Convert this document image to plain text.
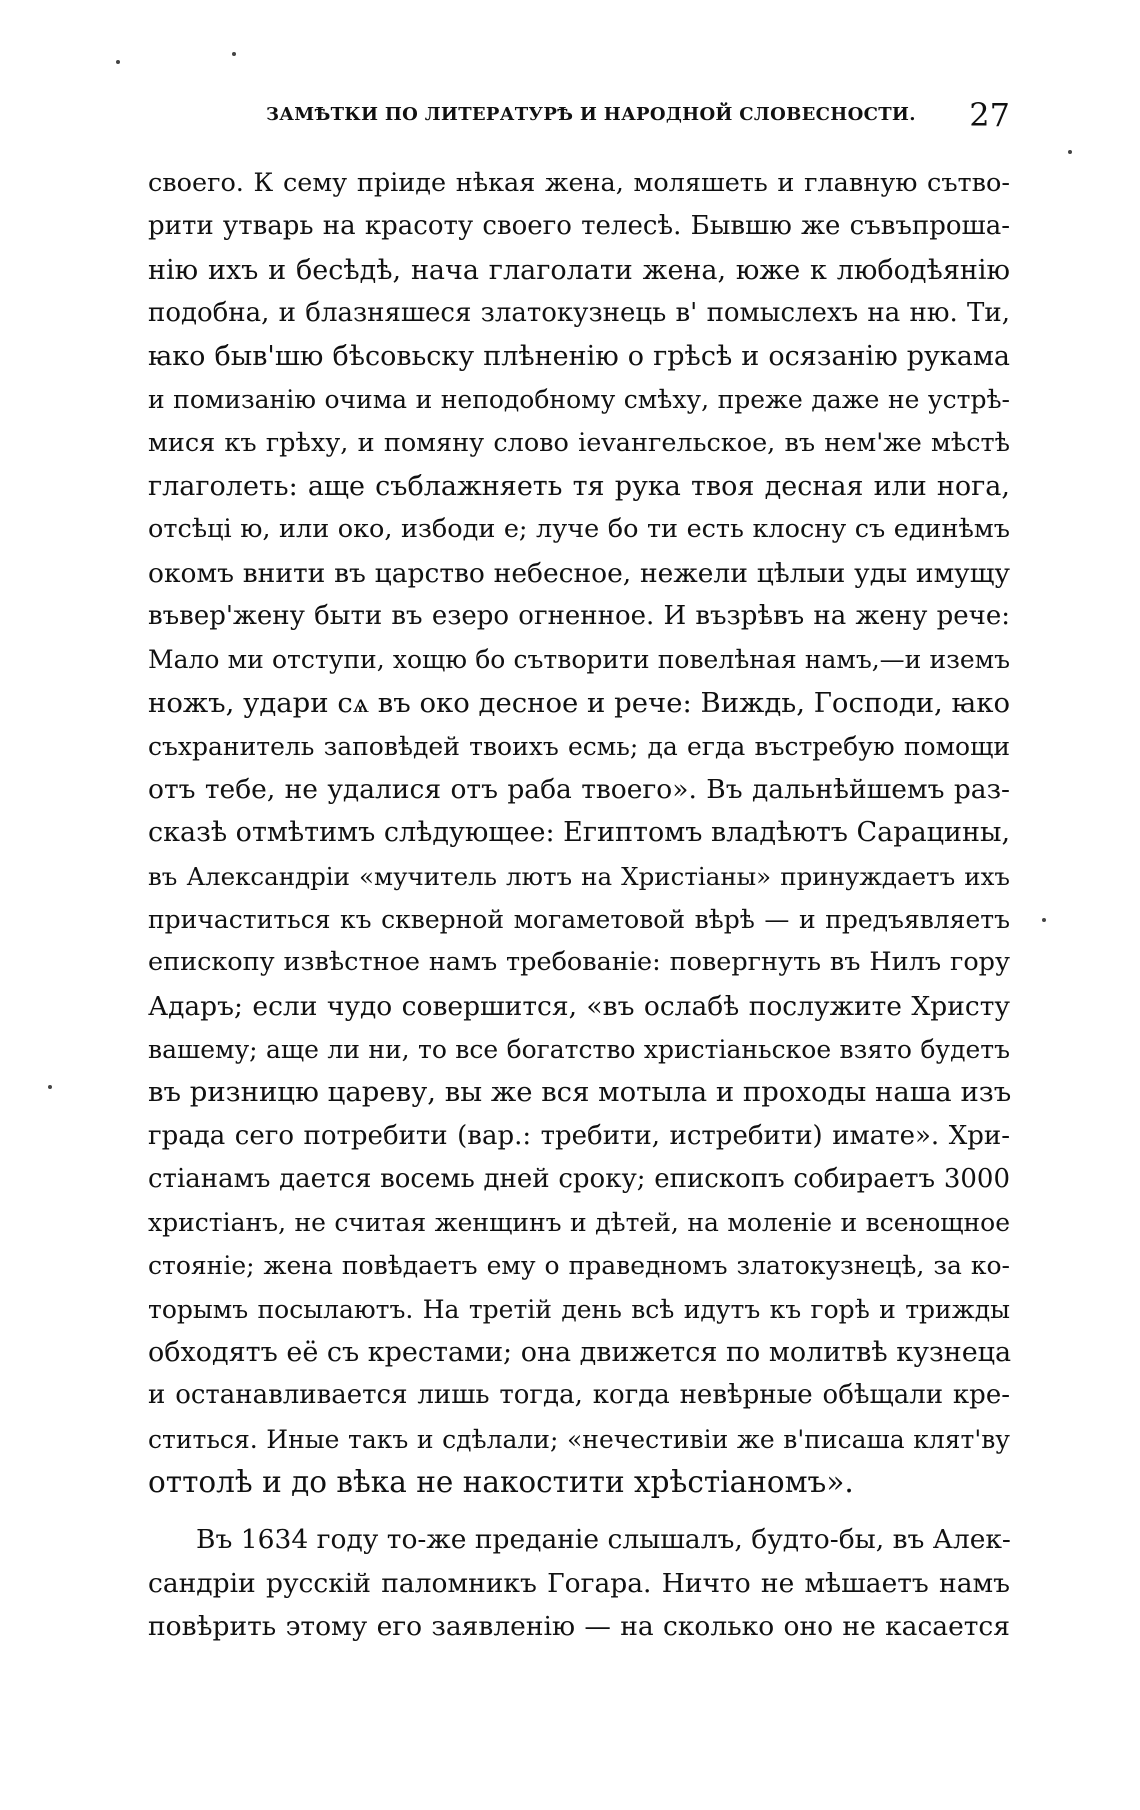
ЗАМѢТКИ ПО ЛИТЕРАТУРѢ И НАРОДНОЙ СЛОВЕСНОСТИ. 27
своего. К сему прiиде нѣкая жена, моляшеть и главную сътво-
рити утварь на красоту своего телесѣ. Бывшю же съвъпроша-
нiю ихъ и бесѣдѣ, нача глаголати жена, юже к любодѣянiю
подобна, и блазняшеся златокузнець в' помыслехъ на ню. Ти,
ꙗко быв'шю бѣсовьску плѣненiю о грѣсѣ и осязанiю рукама
и помизанiю очима и неподобному смѣху, преже даже не устрѣ-
мися къ грѣху, и помяну слово iеvангельское, въ нем'же мѣстѣ
глаголеть: аще съблажняеть тя рука твоя десная или нога,
отсѣцi ю, или око, избоди е; луче бо ти есть клосну съ единѣмъ
окомъ внити въ царство небесное, нежели цѣлыи уды имущу
въвер'жену быти въ езеро огненное. И възрѣвъ на жену рече:
Мало ми отступи, хощю бо сътворити повелѣная намъ,—и иземъ
ножъ, удари сѧ въ око десное и рече: Виждь, Господи, ꙗко
съхранитель заповѣдей твоихъ есмь; да егда въстребую помощи
отъ тебе, не удалися отъ раба твоего». Въ дальнѣйшемъ раз-
сказѣ отмѣтимъ слѣдующее: Египтомъ владѣютъ Сарацины,
въ Александрiи «мучитель лютъ на Христiаны» принуждаетъ ихъ
причаститься къ скверной могаметовой вѣрѣ — и предъявляетъ
епископу извѣстное намъ требованiе: повергнуть въ Нилъ гору
Адаръ; если чудо совершится, «въ ослабѣ послужите Христу
вашему; аще ли ни, то все богатство христiаньское взято будетъ
въ ризницю цареву, вы же вся мотыла и проходы наша изъ
града сего потребити (вар.: требити, истребити) имате». Хри-
стiанамъ дается восемь дней сроку; епископъ собираетъ 3000
христiанъ, не считая женщинъ и дѣтей, на моленiе и всенощное
стоянiе; жена повѣдаетъ ему о праведномъ златокузнецѣ, за ко-
торымъ посылаютъ. На третiй день всѣ идутъ къ горѣ и трижды
обходятъ её съ крестами; она движется по молитвѣ кузнеца
и останавливается лишь тогда, когда невѣрные обѣщали кре-
ститься. Иные такъ и сдѣлали; «нечестивiи же в'писаша клят'ву
оттолѣ и до вѣка не накостити хрѣстiаномъ».
Въ 1634 году то-же преданiе слышалъ, будто-бы, въ Алек-
сандрiи русскiй паломникъ Гогара. Ничто не мѣшаетъ намъ
повѣрить этому его заявленiю — на сколько оно не касается
